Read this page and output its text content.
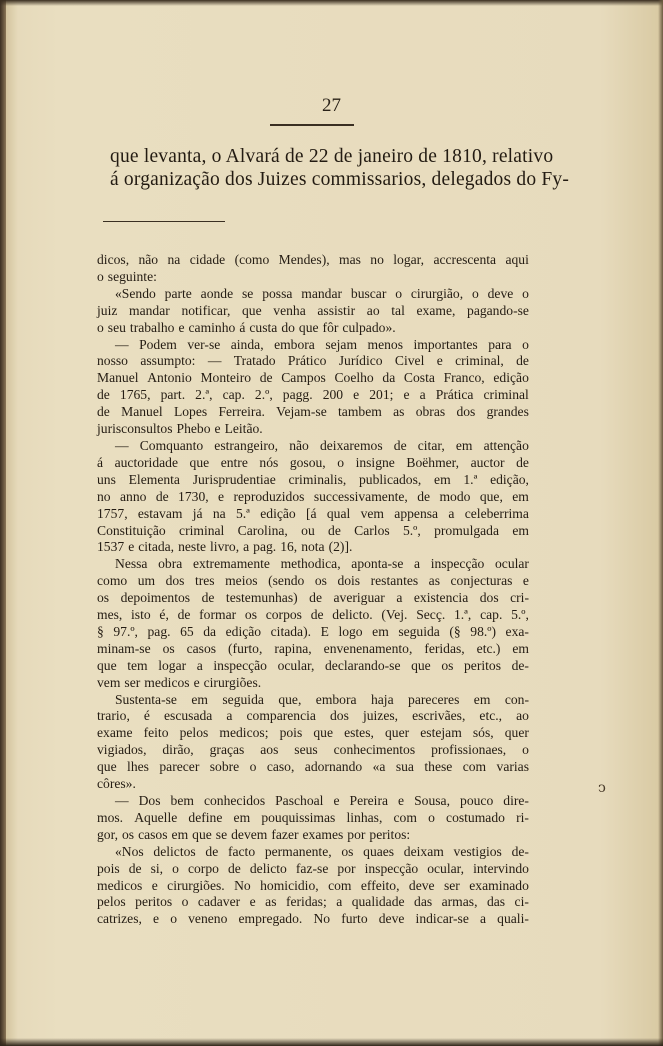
27
que levanta, o Alvará de 22 de janeiro de 1810, relativo
á organização dos Juizes commissarios, delegados do Fy-
dicos, não na cidade (como Mendes), mas no logar, accrescenta aqui
o seguinte:
«Sendo parte aonde se possa mandar buscar o cirurgião, o deve o
juiz mandar notificar, que venha assistir ao tal exame, pagando-se
o seu trabalho e caminho á custa do que fôr culpado».
— Podem ver-se ainda, embora sejam menos importantes para o
nosso assumpto: — Tratado Prático Jurídico Civel e criminal, de
Manuel Antonio Monteiro de Campos Coelho da Costa Franco, edição
de 1765, part. 2.ª, cap. 2.º, pagg. 200 e 201; e a Prática criminal
de Manuel Lopes Ferreira. Vejam-se tambem as obras dos grandes
jurisconsultos Phebo e Leitão.
— Comquanto estrangeiro, não deixaremos de citar, em attenção
á auctoridade que entre nós gosou, o insigne Boëhmer, auctor de
uns Elementa Jurisprudentiae criminalis, publicados, em 1.ª edição,
no anno de 1730, e reproduzidos successivamente, de modo que, em
1757, estavam já na 5.ª edição [á qual vem appensa a celeberrima
Constituição criminal Carolina, ou de Carlos 5.º, promulgada em
1537 e citada, neste livro, a pag. 16, nota (2)].
Nessa obra extremamente methodica, aponta-se a inspecção ocular
como um dos tres meios (sendo os dois restantes as conjecturas e
os depoimentos de testemunhas) de averiguar a existencia dos cri-
mes, isto é, de formar os corpos de delicto. (Vej. Secç. 1.ª, cap. 5.º,
§ 97.º, pag. 65 da edição citada). E logo em seguida (§ 98.º) exa-
minam-se os casos (furto, rapina, envenenamento, feridas, etc.) em
que tem logar a inspecção ocular, declarando-se que os peritos de-
vem ser medicos e cirurgiões.
Sustenta-se em seguida que, embora haja pareceres em con-
trario, é escusada a comparencia dos juizes, escrivães, etc., ao
exame feito pelos medicos; pois que estes, quer estejam sós, quer
vigiados, dirão, graças aos seus conhecimentos profissionaes, o
que lhes parecer sobre o caso, adornando «a sua these com varias
côres».
— Dos bem conhecidos Paschoal e Pereira e Sousa, pouco dire-
mos. Aquelle define em pouquissimas linhas, com o costumado ri-
gor, os casos em que se devem fazer exames por peritos:
«Nos delictos de facto permanente, os quaes deixam vestigios de-
pois de si, o corpo de delicto faz-se por inspecção ocular, intervindo
medicos e cirurgiões. No homicidio, com effeito, deve ser examinado
pelos peritos o cadaver e as feridas; a qualidade das armas, das ci-
catrizes, e o veneno empregado. No furto deve indicar-se a quali-
ↄ
